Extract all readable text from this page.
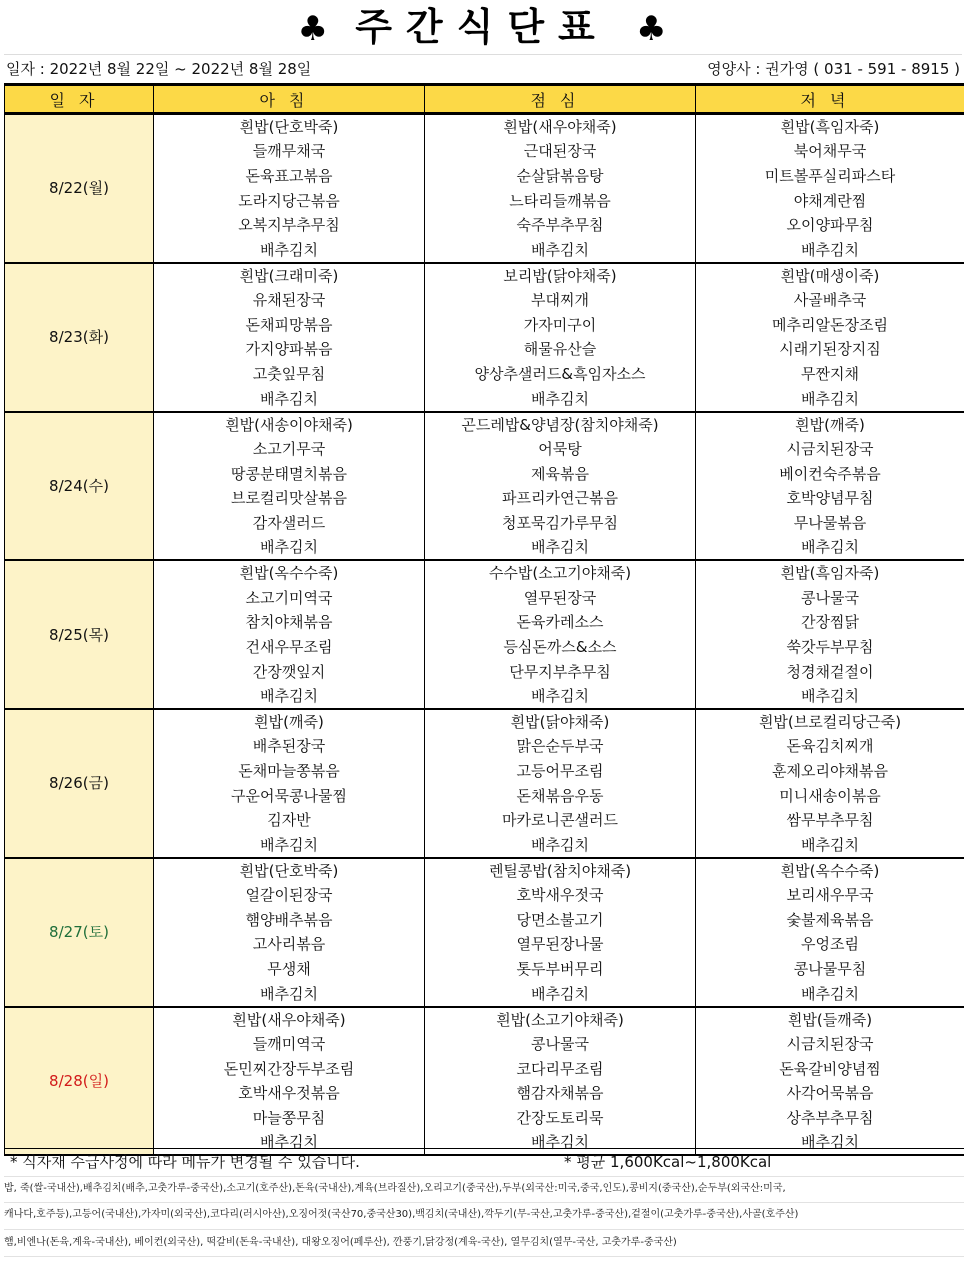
♣ 주간식단표 ♣
일자 : 2022년 8월 22일 ~ 2022년 8월 28일	영양사 : 권가영 ( 031 - 591 - 8915 )
일자	아침	점심	저녁
8/22(월)	흰밥(단호박죽)	흰밥(새우야채죽)	흰밥(흑임자죽)
	들깨무채국	근대된장국	북어채무국
	돈육표고볶음	순살닭볶음탕	미트볼푸실리파스타
	도라지당근볶음	느타리들깨볶음	야채계란찜
	오복지부추무침	숙주부추무침	오이양파무침
	배추김치	배추김치	배추김치
8/23(화)	흰밥(크래미죽)	보리밥(닭야채죽)	흰밥(매생이죽)
	유채된장국	부대찌개	사골배추국
	돈채피망볶음	가자미구이	메추리알돈장조림
	가지양파볶음	해물유산슬	시래기된장지짐
	고춧잎무침	양상추샐러드&흑임자소스	무짠지채
	배추김치	배추김치	배추김치
8/24(수)	흰밥(새송이야채죽)	곤드레밥&양념장(참치야채죽)	흰밥(깨죽)
	소고기무국	어묵탕	시금치된장국
	땅콩분태멸치볶음	제육볶음	베이컨숙주볶음
	브로컬리맛살볶음	파프리카연근볶음	호박양념무침
	감자샐러드	청포묵김가루무침	무나물볶음
	배추김치	배추김치	배추김치
8/25(목)	흰밥(옥수수죽)	수수밥(소고기야채죽)	흰밥(흑임자죽)
	소고기미역국	열무된장국	콩나물국
	참치야채볶음	돈육카레소스	간장찜닭
	건새우무조림	등심돈까스&소스	쑥갓두부무침
	간장깻잎지	단무지부추무침	청경채겉절이
	배추김치	배추김치	배추김치
8/26(금)	흰밥(깨죽)	흰밥(닭야채죽)	흰밥(브로컬리당근죽)
	배추된장국	맑은순두부국	돈육김치찌개
	돈채마늘쫑볶음	고등어무조림	훈제오리야채볶음
	구운어묵콩나물찜	돈채볶음우동	미니새송이볶음
	김자반	마카로니콘샐러드	쌈무부추무침
	배추김치	배추김치	배추김치
8/27(토)	흰밥(단호박죽)	렌틸콩밥(참치야채죽)	흰밥(옥수수죽)
	얼갈이된장국	호박새우젓국	보리새우무국
	햄양배추볶음	당면소불고기	숯불제육볶음
	고사리볶음	열무된장나물	우엉조림
	무생채	톳두부버무리	콩나물무침
	배추김치	배추김치	배추김치
8/28(일)	흰밥(새우야채죽)	흰밥(소고기야채죽)	흰밥(들깨죽)
	들깨미역국	콩나물국	시금치된장국
	돈민찌간장두부조림	코다리무조림	돈육갈비양념찜
	호박새우젓볶음	햄감자채볶음	사각어묵볶음
	마늘쫑무침	간장도토리묵	상추부추무침
	배추김치	배추김치	배추김치
* 식자재 수급사정에 따라 메뉴가 변경될 수 있습니다.	* 평균 1,600Kcal~1,800Kcal
밥, 죽(쌀-국내산),배추김치(배추,고춧가루-중국산),소고기(호주산),돈육(국내산),계육(브라질산),오리고기(중국산),두부(외국산:미국,중국,인도),콩비지(중국산),순두부(외국산:미국,
캐나다,호주등),고등어(국내산),가자미(외국산),코다리(러시아산),오징어젓(국산70,중국산30),백김치(국내산),깍두기(무-국산,고춧가루-중국산),겉절이(고춧가루-중국산),사골(호주산)
햄,비엔나(돈육,계육-국내산), 베이컨(외국산), 떡갈비(돈육-국내산), 대왕오징어(페루산), 깐풍기,닭강정(계육-국산), 열무김치(열무-국산, 고춧가루-중국산)
